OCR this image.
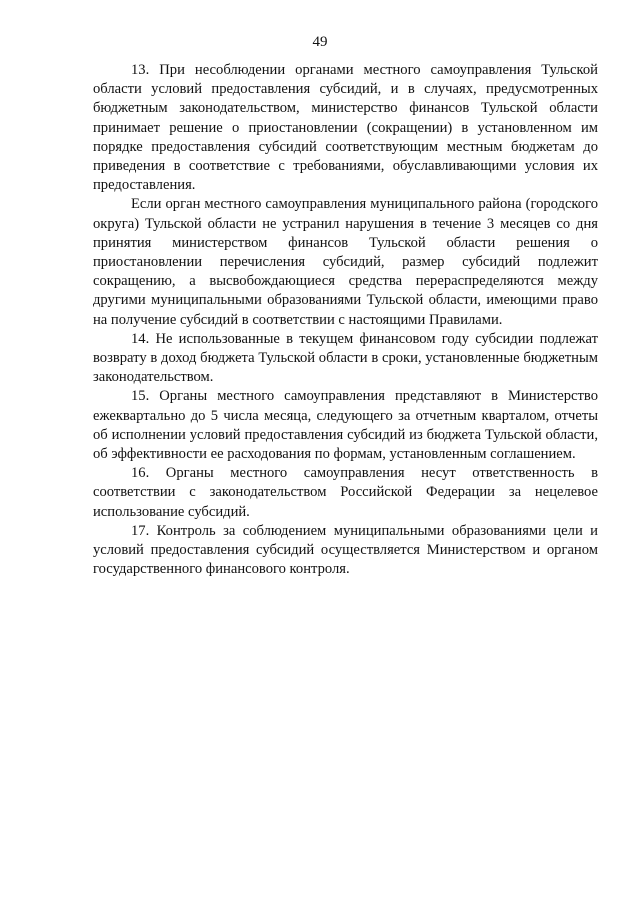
49

13. При несоблюдении органами местного самоуправления Тульской области условий предоставления субсидий, и в случаях, предусмотренных бюджетным законодательством, министерство финансов Тульской области принимает решение о приостановлении (сокращении) в установленном им порядке предоставления субсидий соответствующим местным бюджетам до приведения в соответствие с требованиями, обуславливающими условия их предоставления.

Если орган местного самоуправления муниципального района (городского округа) Тульской области не устранил нарушения в течение 3 месяцев со дня принятия министерством финансов Тульской области решения о приостановлении перечисления субсидий, размер субсидий подлежит сокращению, а высвобождающиеся средства перераспределяются между другими муниципальными образованиями Тульской области, имеющими право на получение субсидий в соответствии с настоящими Правилами.

14. Не использованные в текущем финансовом году субсидии подлежат возврату в доход бюджета Тульской области в сроки, установленные бюджетным законодательством.

15. Органы местного самоуправления представляют в Министерство ежеквартально до 5 числа месяца, следующего за отчетным кварталом, отчеты об исполнении условий предоставления субсидий из бюджета Тульской области, об эффективности ее расходования по формам, установленным соглашением.

16. Органы местного самоуправления несут ответственность в соответствии с законодательством Российской Федерации за нецелевое использование субсидий.

17. Контроль за соблюдением муниципальными образованиями цели и условий предоставления субсидий осуществляется Министерством и органом государственного финансового контроля.
